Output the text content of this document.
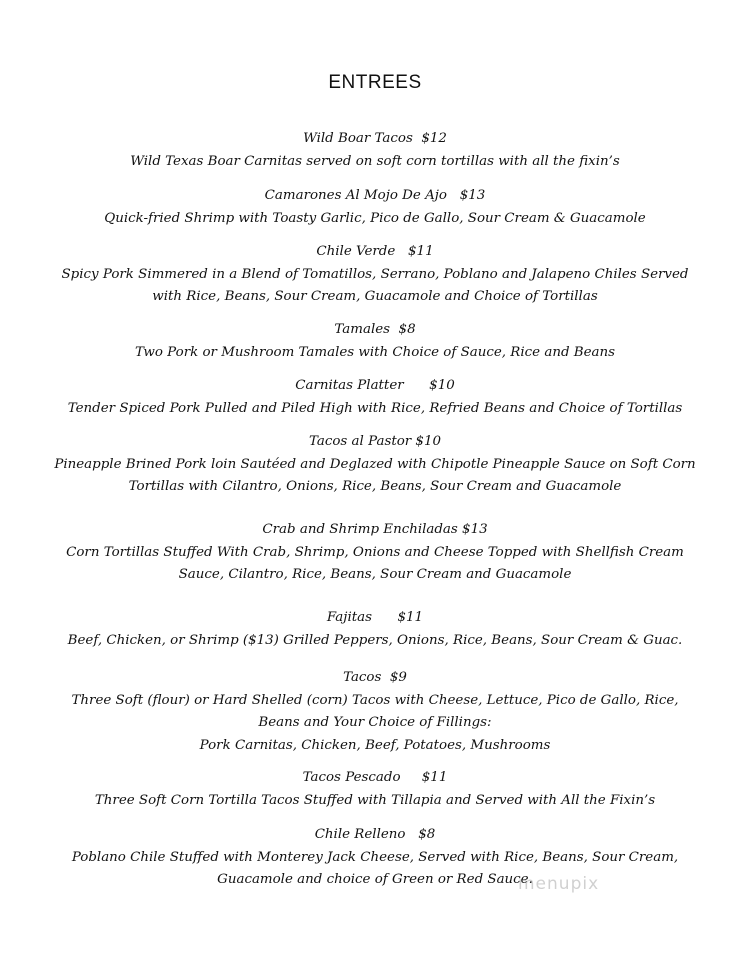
ENTREES
Wild Boar Tacos  $12
Wild Texas Boar Carnitas served on soft corn tortillas with all the fixin’s
Camarones Al Mojo De Ajo   $13
Quick-fried Shrimp with Toasty Garlic, Pico de Gallo, Sour Cream & Guacamole
Chile Verde   $11
Spicy Pork Simmered in a Blend of Tomatillos, Serrano, Poblano and Jalapeno Chiles Served
with Rice, Beans, Sour Cream, Guacamole and Choice of Tortillas
Tamales  $8
Two Pork or Mushroom Tamales with Choice of Sauce, Rice and Beans
Carnitas Platter      $10
Tender Spiced Pork Pulled and Piled High with Rice, Refried Beans and Choice of Tortillas
Tacos al Pastor $10
Pineapple Brined Pork loin Sautéed and Deglazed with Chipotle Pineapple Sauce on Soft Corn
Tortillas with Cilantro, Onions, Rice, Beans, Sour Cream and Guacamole
Crab and Shrimp Enchiladas $13
Corn Tortillas Stuffed With Crab, Shrimp, Onions and Cheese Topped with Shellfish Cream
Sauce, Cilantro, Rice, Beans, Sour Cream and Guacamole
Fajitas      $11
Beef, Chicken, or Shrimp ($13) Grilled Peppers, Onions, Rice, Beans, Sour Cream & Guac.
Tacos  $9
Three Soft (flour) or Hard Shelled (corn) Tacos with Cheese, Lettuce, Pico de Gallo, Rice,
Beans and Your Choice of Fillings:
Pork Carnitas, Chicken, Beef, Potatoes, Mushrooms
Tacos Pescado     $11
Three Soft Corn Tortilla Tacos Stuffed with Tillapia and Served with All the Fixin’s
Chile Relleno   $8
Poblano Chile Stuffed with Monterey Jack Cheese, Served with Rice, Beans, Sour Cream,
Guacamole and choice of Green or Red Sauce.
menupix
